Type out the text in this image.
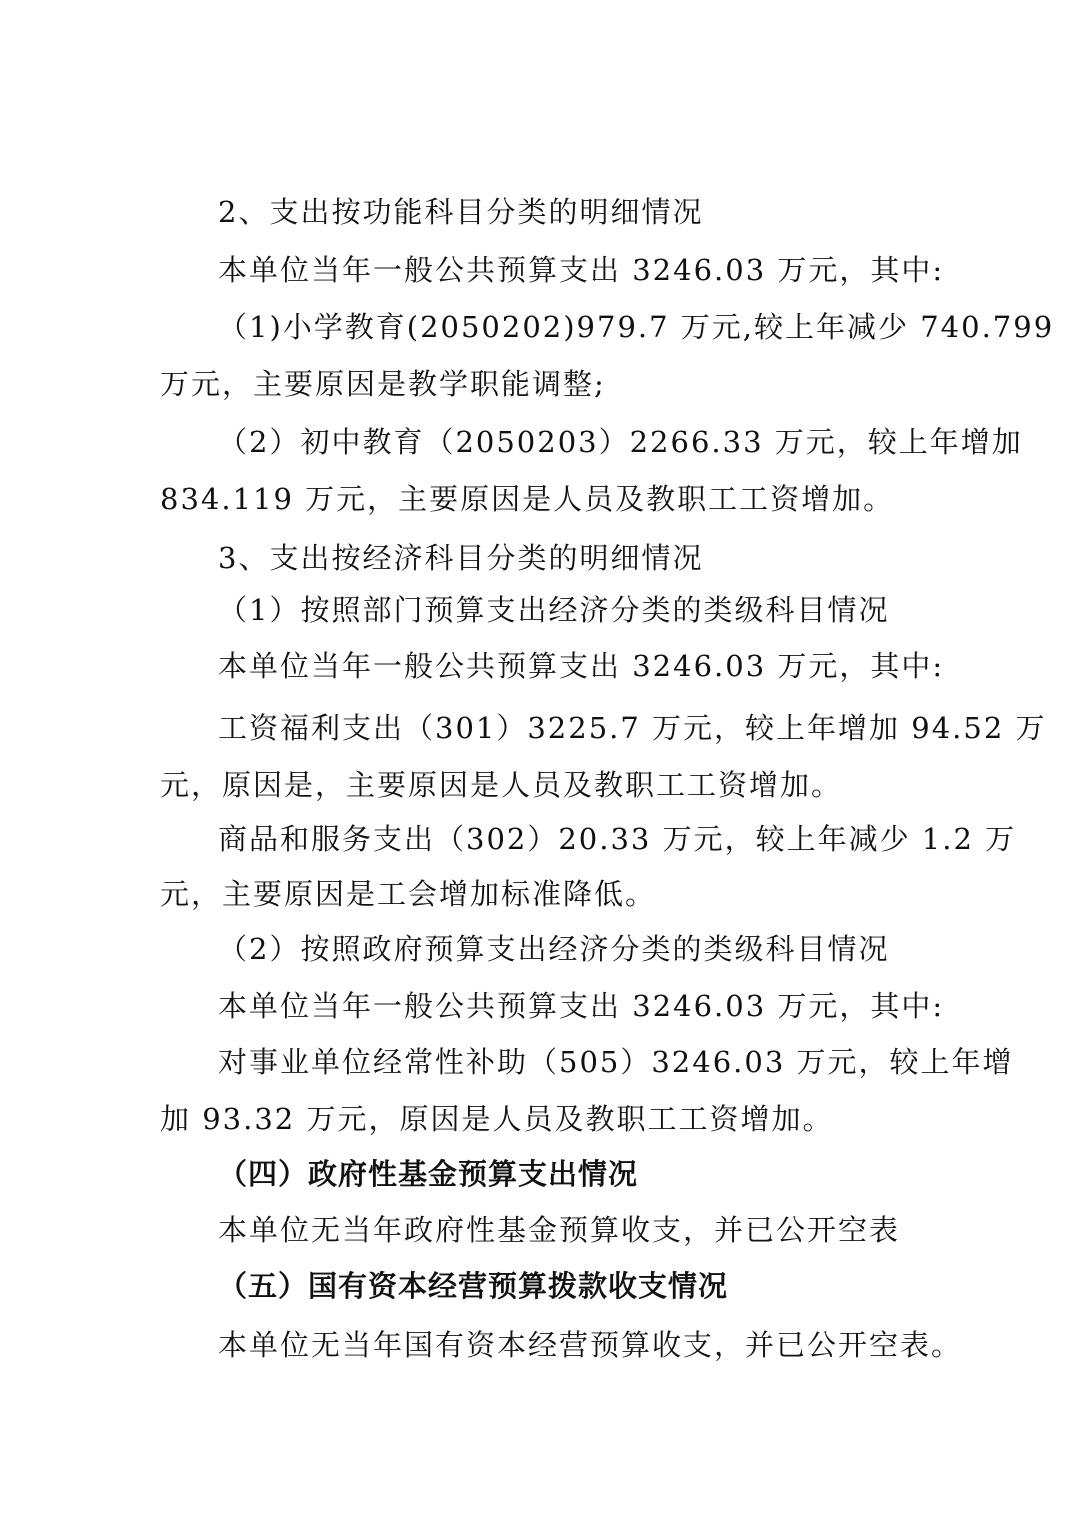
2、支出按功能科目分类的明细情况
本单位当年一般公共预算支出 3246.03 万元，其中:
（1)小学教育(2050202)979.7 万元,较上年减少 740.799
万元，主要原因是教学职能调整;
（2）初中教育（2050203）2266.33 万元，较上年增加
834.119 万元，主要原因是人员及教职工工资增加。
3、支出按经济科目分类的明细情况
（1）按照部门预算支出经济分类的类级科目情况
本单位当年一般公共预算支出 3246.03 万元，其中:
工资福利支出（301）3225.7 万元，较上年增加 94.52 万
元，原因是，主要原因是人员及教职工工资增加。
商品和服务支出（302）20.33 万元，较上年减少 1.2 万
元，主要原因是工会增加标准降低。
（2）按照政府预算支出经济分类的类级科目情况
本单位当年一般公共预算支出 3246.03 万元，其中:
对事业单位经常性补助（505）3246.03 万元，较上年增
加 93.32 万元，原因是人员及教职工工资增加。
（四）政府性基金预算支出情况
本单位无当年政府性基金预算收支，并已公开空表
（五）国有资本经营预算拨款收支情况
本单位无当年国有资本经营预算收支，并已公开空表。
